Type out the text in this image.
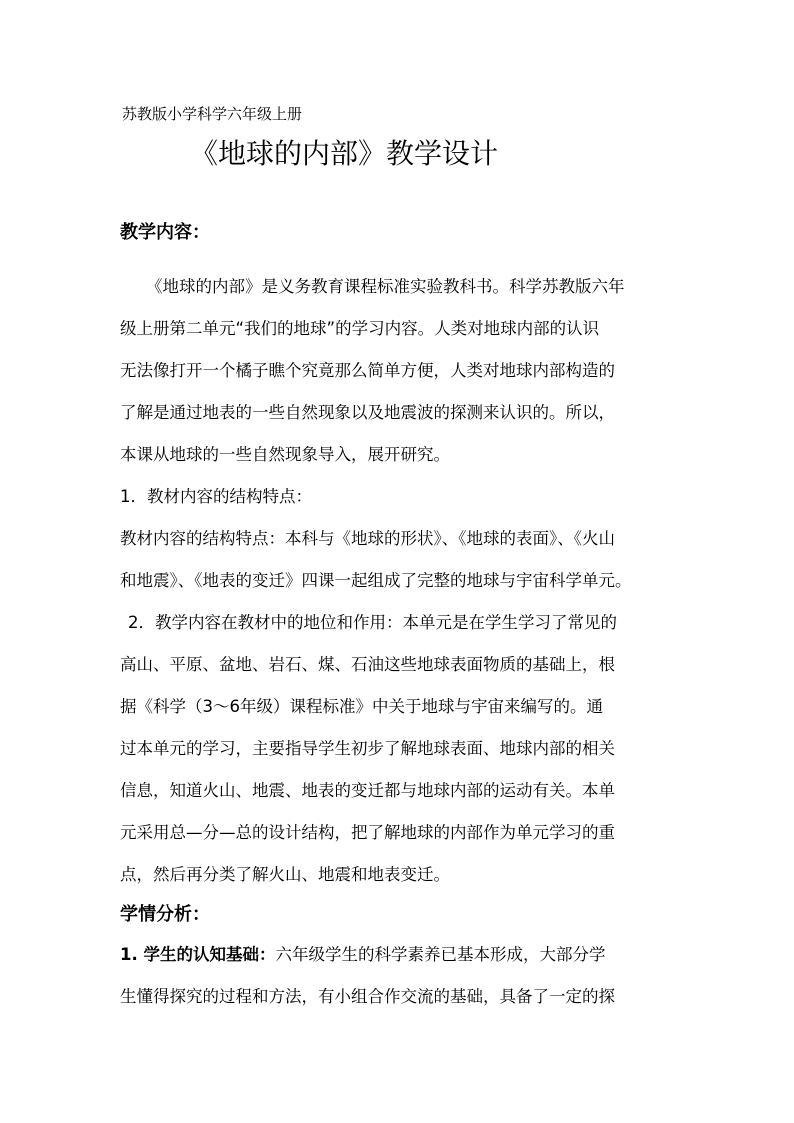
苏教版小学科学六年级上册
《地球的内部》教学设计
教学内容：
《地球的内部》是义务教育课程标准实验教科书。科学苏教版六年
级上册第二单元“我们的地球”的学习内容。人类对地球内部的认识
无法像打开一个橘子瞧个究竟那么简单方便，人类对地球内部构造的
了解是通过地表的一些自然现象以及地震波的探测来认识的。所以，
本课从地球的一些自然现象导入，展开研究。
1．教材内容的结构特点：
教材内容的结构特点：本科与《地球的形状》、《地球的表面》、《火山
和地震》、《地表的变迁》四课一起组成了完整的地球与宇宙科学单元。
2．教学内容在教材中的地位和作用：本单元是在学生学习了常见的
高山、平原、盆地、岩石、煤、石油这些地球表面物质的基础上，根
据《科学（3～6年级）课程标准》中关于地球与宇宙来编写的。通
过本单元的学习，主要指导学生初步了解地球表面、地球内部的相关
信息，知道火山、地震、地表的变迁都与地球内部的运动有关。本单
元采用总—分—总的设计结构，把了解地球的内部作为单元学习的重
点，然后再分类了解火山、地震和地表变迁。
学情分析：
1. 学生的认知基础：六年级学生的科学素养已基本形成，大部分学
生懂得探究的过程和方法，有小组合作交流的基础，具备了一定的探
